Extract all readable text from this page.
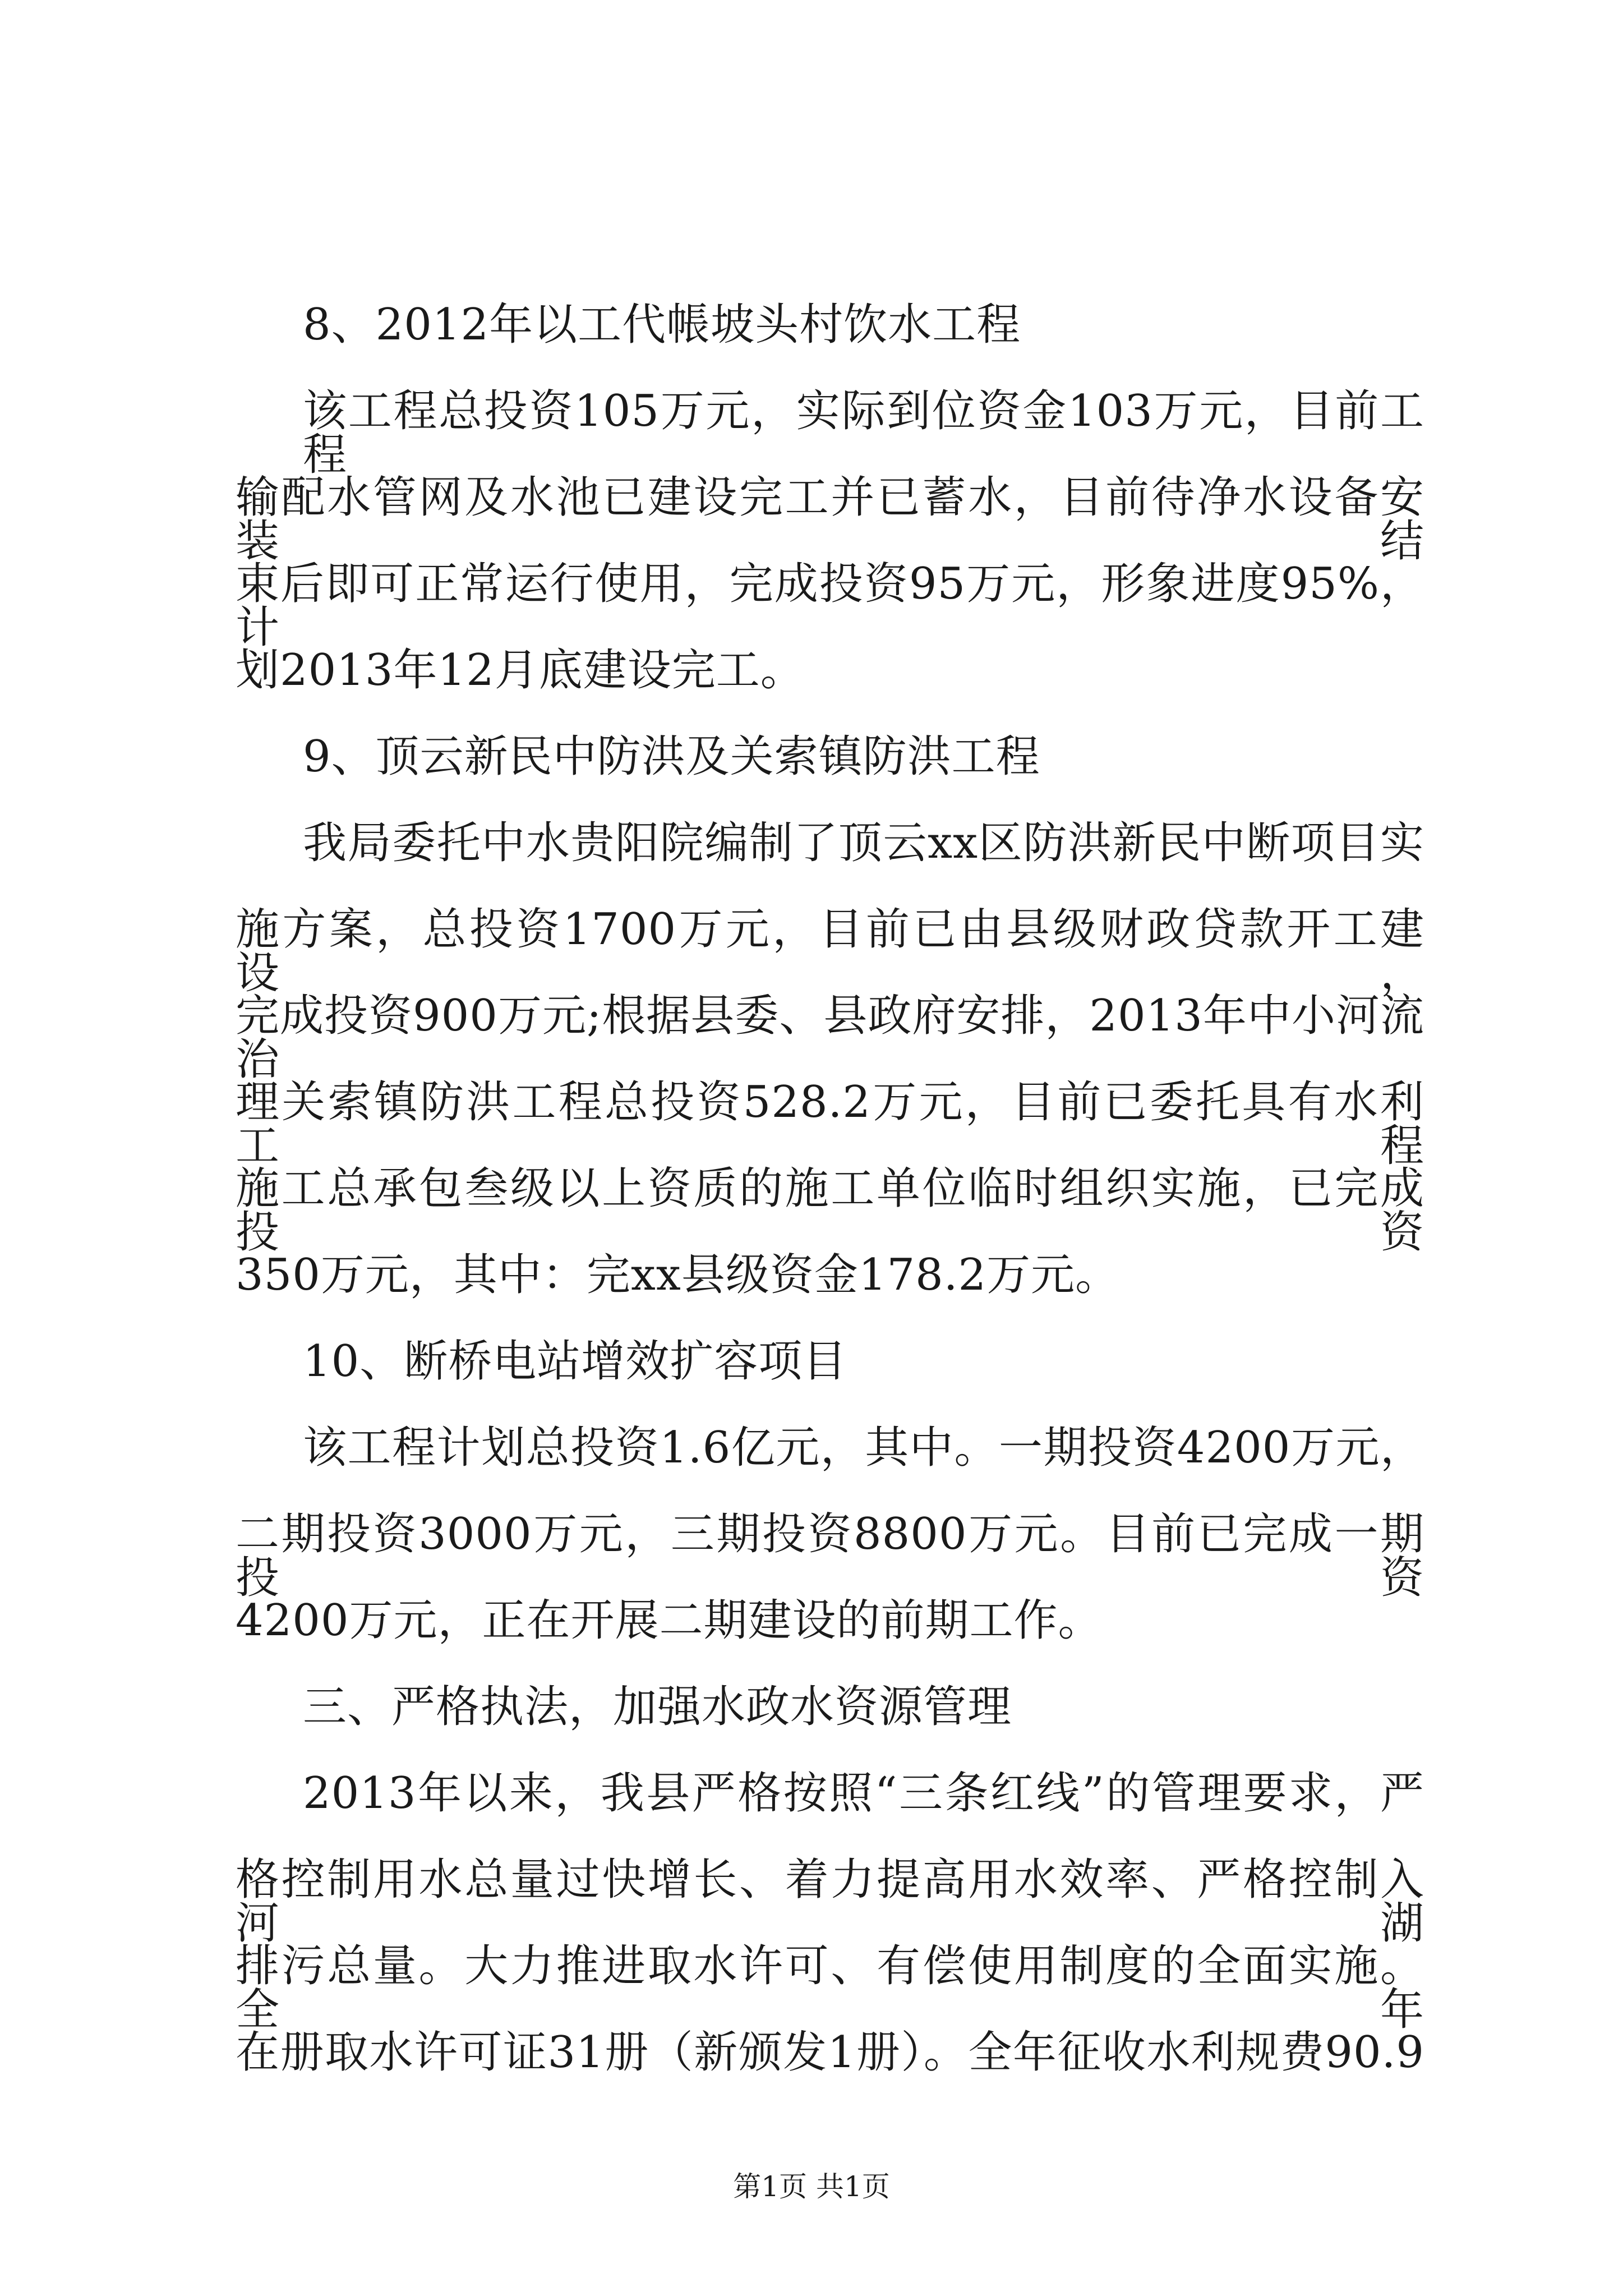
8、2012年以工代帳坡头村饮水工程
该工程总投资105万元，实际到位资金103万元，目前工程
输配水管网及水池已建设完工并已蓄水，目前待净水设备安装结
束后即可正常运行使用，完成投资95万元，形象进度95%，计
划2013年12月底建设完工。
9、顶云新民中防洪及关索镇防洪工程
我局委托中水贵阳院编制了顶云xx区防洪新民中断项目实
施方案，总投资1700万元，目前已由县级财政贷款开工建设，
完成投资900万元;根据县委、县政府安排，2013年中小河流治
理关索镇防洪工程总投资528.2万元，目前已委托具有水利工程
施工总承包叁级以上资质的施工单位临时组织实施，已完成投资
350万元，其中：完xx县级资金178.2万元。
10、断桥电站增效扩容项目
该工程计划总投资1.6亿元，其中。一期投资4200万元，
二期投资3000万元，三期投资8800万元。目前已完成一期投资
4200万元，正在开展二期建设的前期工作。
三、严格执法，加强水政水资源管理
2013年以来，我县严格按照“三条红线”的管理要求，严
格控制用水总量过快增长、着力提高用水效率、严格控制入河湖
排污总量。大力推进取水许可、有偿使用制度的全面实施。全年
在册取水许可证31册（新颁发1册）。全年征收水利规费90.9
第1页 共1页
